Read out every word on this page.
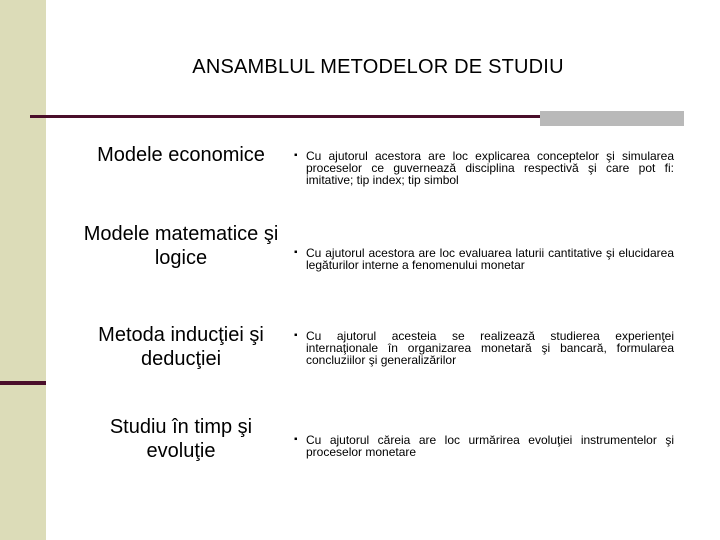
ANSAMBLUL METODELOR DE STUDIU
Modele economice	▪ Cu ajutorul acestora are loc explicarea conceptelor şi simularea proceselor ce guvernează disciplina respectivă şi care pot fi: imitative; tip index; tip simbol
Modele matematice şi logice	▪ Cu ajutorul acestora are loc evaluarea laturii cantitative şi elucidarea legăturilor interne a fenomenului monetar
Metoda inducţiei şi deducţiei
▪ Cu ajutorul acesteia se realizează studierea experienţei internaţionale în organizarea monetară şi bancară, formularea concluziilor şi generalizărilor
Studiu în timp şi evoluţie
▪ Cu ajutorul căreia are loc urmărirea evoluţiei instrumentelor şi proceselor monetare
